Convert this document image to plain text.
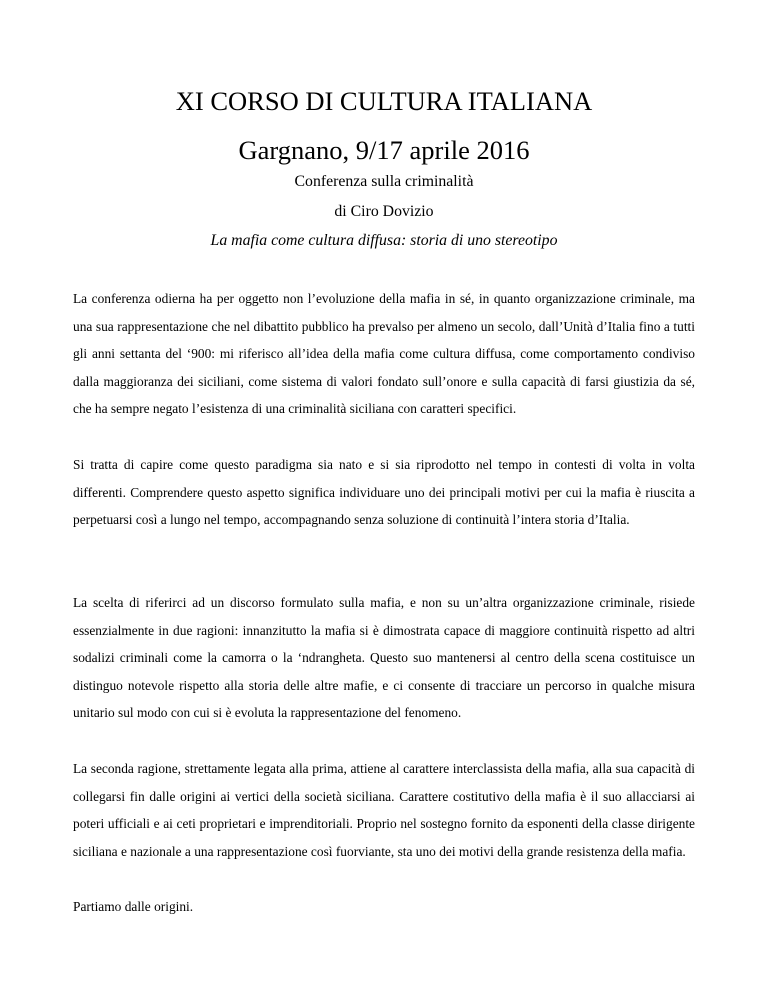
XI CORSO DI CULTURA ITALIANA
Gargnano, 9/17 aprile 2016
Conferenza sulla criminalità
di Ciro Dovizio
La mafia come cultura diffusa: storia di uno stereotipo

La conferenza odierna ha per oggetto non l’evoluzione della mafia in sé, in quanto organizzazione criminale, ma una sua rappresentazione che nel dibattito pubblico ha prevalso per almeno un secolo, dall’Unità d’Italia fino a tutti gli anni settanta del ‘900: mi riferisco all’idea della mafia come cultura diffusa, come comportamento condiviso dalla maggioranza dei siciliani, come sistema di valori fondato sull’onore e sulla capacità di farsi giustizia da sé, che ha sempre negato l’esistenza di una criminalità siciliana con caratteri specifici.

Si tratta di capire come questo paradigma sia nato e si sia riprodotto nel tempo in contesti di volta in volta differenti. Comprendere questo aspetto significa individuare uno dei principali motivi per cui la mafia è riuscita a perpetuarsi così a lungo nel tempo, accompagnando senza soluzione di continuità l’intera storia d’Italia.

La scelta di riferirci ad un discorso formulato sulla mafia, e non su un’altra organizzazione criminale, risiede essenzialmente in due ragioni: innanzitutto la mafia si è dimostrata capace di maggiore continuità rispetto ad altri sodalizi criminali come la camorra o la ‘ndrangheta. Questo suo mantenersi al centro della scena costituisce un distinguo notevole rispetto alla storia delle altre mafie, e ci consente di tracciare un percorso in qualche misura unitario sul modo con cui si è evoluta la rappresentazione del fenomeno.

La seconda ragione, strettamente legata alla prima, attiene al carattere interclassista della mafia, alla sua capacità di collegarsi fin dalle origini ai vertici della società siciliana. Carattere costitutivo della mafia è il suo allacciarsi ai poteri ufficiali e ai ceti proprietari e imprenditoriali. Proprio nel sostegno fornito da esponenti della classe dirigente siciliana e nazionale a una rappresentazione così fuorviante, sta uno dei motivi della grande resistenza della mafia.

Partiamo dalle origini.
